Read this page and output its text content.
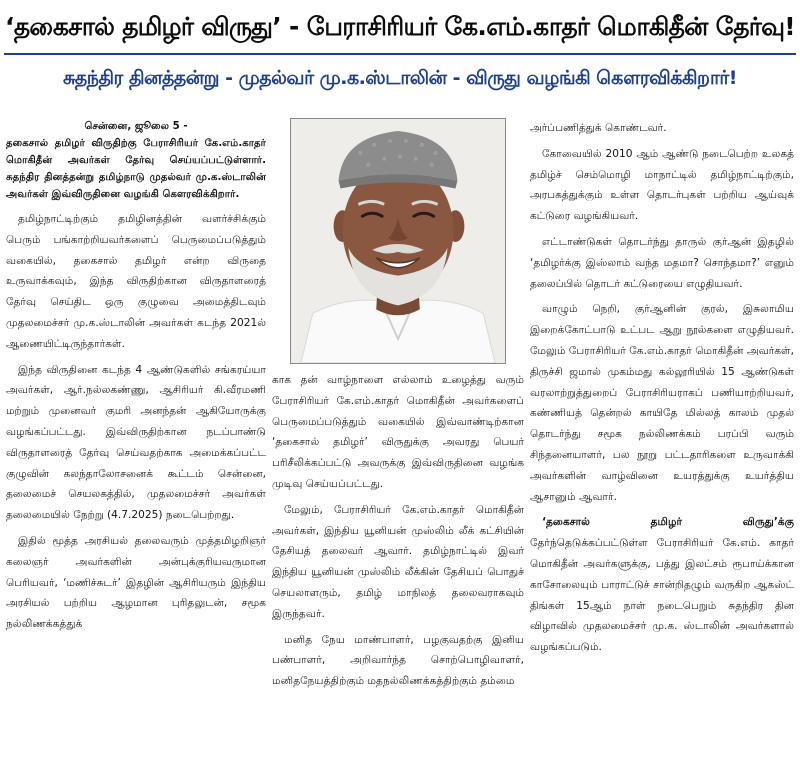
‘தகைசால் தமிழர் விருது’ - பேராசிரியர் கே.எம்.காதர் மொகிதீன் தேர்வு!
சுதந்திர தினத்தன்று - முதல்வர் மு.க.ஸ்டாலின் - விருது வழங்கி கௌரவிக்கிறார்!
சென்னை, ஜூலை 5 -
தகைசால் தமிழர் விருதிற்கு பேராசிரியர் கே.எம்.காதர் மொகிதீன் அவர்கள் தேர்வு செய்யப்பட்டுள்ளார். சுதந்திர தினத்தன்று தமிழ்நாடு முதல்வர் மு.க.ஸ்டாலின் அவர்கள் இவ்விருதினை வழங்கி கௌரவிக்கிறார்.

தமிழ்நாட்டிற்கும் தமிழினத்தின் வளர்ச்சிக்கும் பெரும் பங்காற்றியவர்களைப் பெருமைப்படுத்தும் வகையில், தகைசால் தமிழர் என்ற விருதை உருவாக்கவும், இந்த விருதிற்கான விருதாளரைத் தேர்வு செய்திட ஒரு குழுவை அமைத்திடவும் முதலமைச்சர் மு.க.ஸ்டாலின் அவர்கள் கடந்த 2021ல் ஆணையிட்டிருந்தார்கள்.

இந்த விருதினை கடந்த 4 ஆண்டுகளில் சங்கரய்யா அவர்கள், ஆர்.நல்லகண்ணு, ஆசிரியர் கி.வீரமணி மற்றும் முனைவர் குமரி அனந்தன் ஆகியோருக்கு வழங்கப்பட்டது. இவ்விருதிற்கான நடப்பாண்டு விருதாளரைத் தேர்வு செய்வதற்காக அமைக்கப்பட்ட குழுவின் கலந்தாலோசனைக் கூட்டம் சென்னை, தலைமைச் செயலகத்தில், முதலமைச்சர் அவர்கள் தலைமையில் நேற்று (4.7.2025) நடைபெற்றது.

இதில் மூத்த அரசியல் தலைவரும் முத்தமிழறிஞர் கலைஞர் அவர்களின் அன்புக்குரியவருமான பெரியவர், ‘மணிச்சுடர்’ இதழின் ஆசிரியரும் இந்திய அரசியல் பற்றிய ஆழமான புரிதலுடன், சமூக நல்லிணக்கத்துக்

காக தன் வாழ்நாளை எல்லாம் உழைத்து வரும் பேராசிரியர் கே.எம்.காதர் மொகிதீன் அவர்களைப் பெருமைப்படுத்தும் வகையில் இவ்வாண்டிற்கான ‘தகைசால் தமிழர்’ விருதுக்கு அவரது பெயர் பரிசீலிக்கப்பட்டு அவருக்கு இவ்விருதினை வழங்க முடிவு செய்யப்பட்டது.

மேலும், பேராசிரியர் கே.எம்.காதர் மொகிதீன் அவர்கள், இந்திய யூனியன் முஸ்லிம் லீக் கட்சியின் தேசியத் தலைவர் ஆவார். தமிழ்நாட்டில் இவர் இந்திய யூனியன் முஸ்லிம் லீக்கின் தேசியப் பொதுச் செயலாளரும், தமிழ் மாநிலத் தலைவராகவும் இருந்தவர்.

மனித நேய மாண்பாளர், பழகுவதற்கு இனிய பண்பாளர், அறிவார்ந்த சொற்பொழிவாளர், மனிதநேயத்திற்கும் மதநல்லிணக்கத்திற்கும் தம்மை

அர்ப்பணித்துக் கொண்டவர்.

கோவையில் 2010 ஆம் ஆண்டு நடைபெற்ற உலகத் தமிழ்ச் செம்மொழி மாநாட்டில் தமிழ்நாட்டிற்கும், அரபகத்துக்கும் உள்ள தொடர்புகள் பற்றிய ஆய்வுக் கட்டுரை வழங்கியவர்.

எட்டாண்டுகள் தொடர்ந்து தாருல் குர்ஆன் இதழில் ‘தமிழர்க்கு இஸ்லாம் வந்த மதமா? சொந்தமா?’ எனும் தலைப்பில் தொடர் கட்டுரையை எழுதியவர்.

வாழும் நெறி, குர்ஆனின் குரல், இசுலாமிய இறைக்கோட்பாடு உட்பட ஆறு நூல்களை எழுதியவர். மேலும் பேராசிரியர் கே.எம்.காதர் மொகிதீன் அவர்கள், திருச்சி ஜமால் முகம்மது கல்லூரியில் 15 ஆண்டுகள் வரலாற்றுத்துறைப் பேராசிரியராகப் பணியாற்றியவர், கண்ணியத் தென்றல் காயிதே மில்லத் காலம் முதல் தொடர்ந்து சமூக நல்லிணக்கம் பரப்பி வரும் சிந்தனையாளர், பல நூறு பட்டதாரிகளை உருவாக்கி அவர்களின் வாழ்வினை உயரத்துக்கு உயர்த்திய ஆசானும் ஆவார்.

‘தகைசால் தமிழர் விருது’க்கு தேர்ந்தெடுக்கப்பட்டுள்ள பேராசிரியர் கே.எம். காதர் மொகிதீன் அவர்களுக்கு, பத்து இலட்சம் ரூபாய்க்கான காசோலையும் பாராட்டுச் சான்றிதழும் வருகிற ஆகஸ்ட் திங்கள் 15ஆம் நாள் நடைபெறும் சுதந்திர தின விழாவில் முதலமைச்சர் மு.க. ஸ்டாலின் அவர்களால் வழங்கப்படும்.
